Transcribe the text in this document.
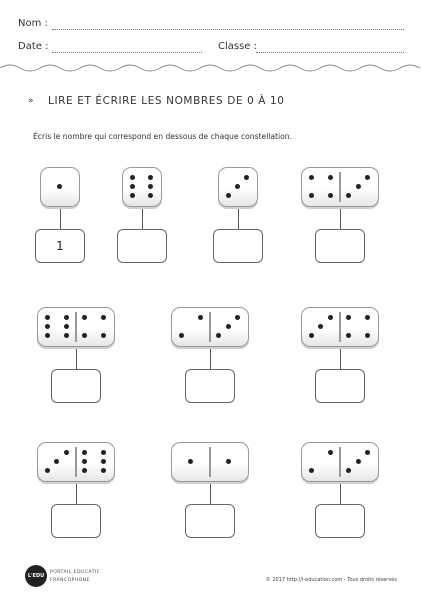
Nom :
Date :	Classe :
» LIRE ET ÉCRIRE LES NOMBRES DE 0 À 10
Écris le nombre qui correspond en dessous de chaque constellation.
1
L'EDU
PORTAIL EDUCATIF
FRANCOPHONE	© 2017 http://l-education.com - Tous droits réservés
